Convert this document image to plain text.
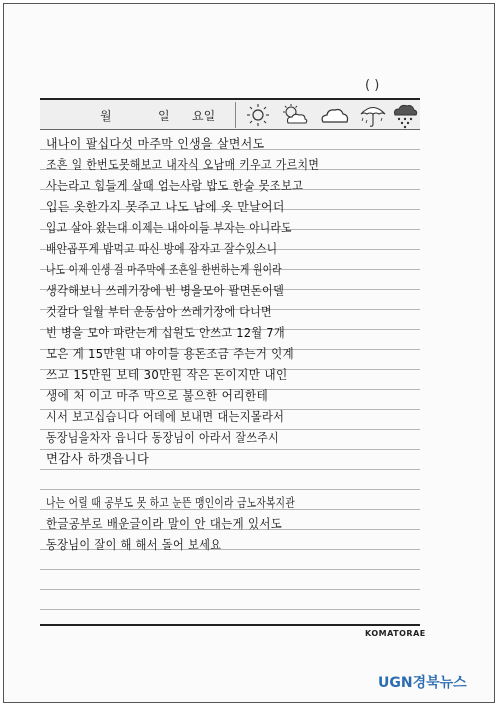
( )
월	일 요일
내나이 팔십다섯 마주막 인생을 살면서도
조흔 일 한번도못해보고 내자식 오남매 키우고 가르치면
사는라고 힘들게 살때 엄는사람 밥도 한술 못조보고
입든 옷한가지 못주고 나도 남에 옷 만날어더
입고 살아 왔는대 이제는 내아이들 부자는 아니라도
배안곱푸게 밥먹고 따신 방에 잠자고 잘수있스니
나도 이제 인생 걸 마주막에 조흔일 한번하는게 원이라
생각해보니 쓰레기장에 빈 병을모아 팔면돈이델
것갈다 일월 부터 운동삼아 쓰레기장에 다니면
빈 병을 모아 파란는게 십원도 안쓰고 12월 7개
모은 게 15만원 내 아이들 용돈조금 주는거 잇계
쓰고 15만원 보테 30만원 작은 돈이지만 내인
생에 처 이고 마주 막으로 불으한 어리한테
시서 보고십습니다 어데에 보내면 대는지몰라서
동장님을차자 읍니다 동장님이 아라서 잘쓰주시
면감사 하갯읍니다
나는 어릴 때 공부도 못 하고 눈뜬 맹인이라 금노자복지관
한글공부로 배운글이라 말이 안 대는게 있서도
동장님이 잘이 해 해서 돌어 보세요
KOMATORAE
UGN경북뉴스
